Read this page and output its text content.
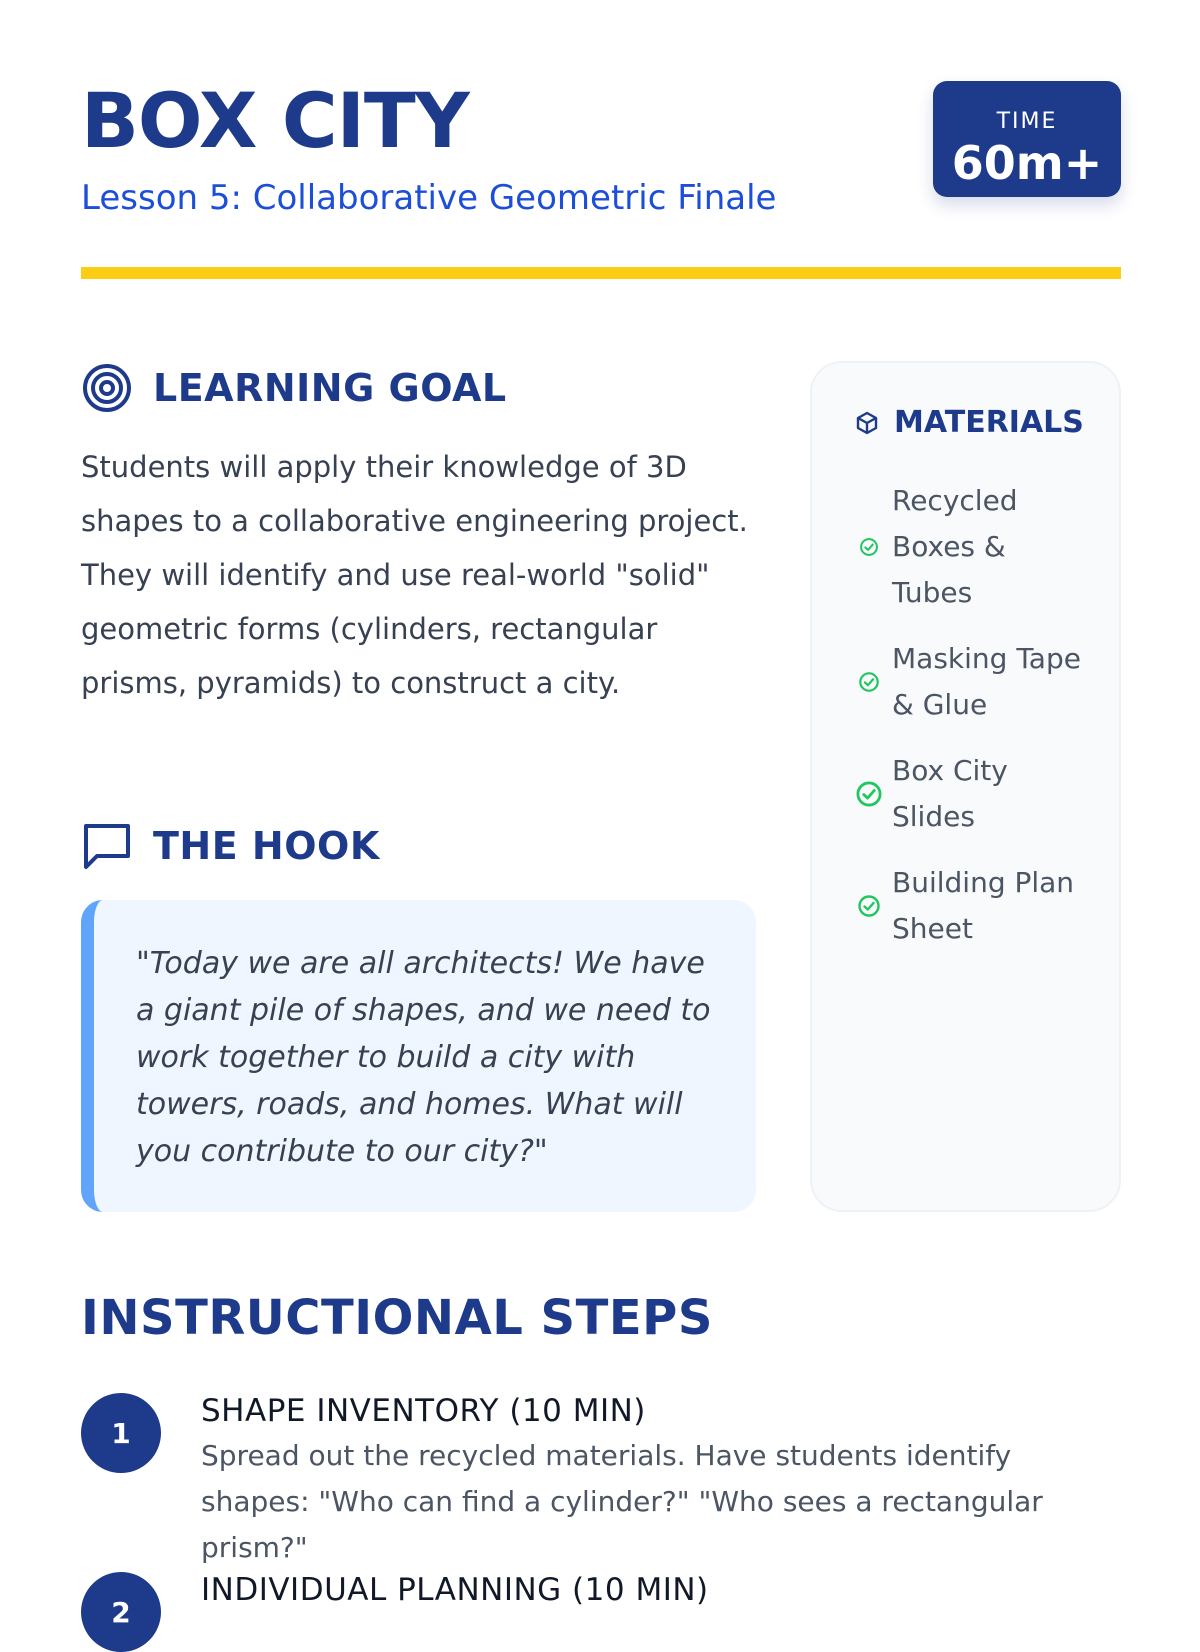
BOX CITY
Lesson 5: Collaborative Geometric Finale
TIME
60m+
LEARNING GOAL

Students will apply their knowledge of 3D shapes to a collaborative engineering project. They will identify and use real-world "solid" geometric forms (cylinders, rectangular prisms, pyramids) to construct a city.

THE HOOK

"Today we are all architects! We have a giant pile of shapes, and we need to work together to build a city with towers, roads, and homes. What will you contribute to our city?"

MATERIALS
Recycled Boxes & Tubes
Masking Tape & Glue
Box City Slides
Building Plan Sheet
INSTRUCTIONAL STEPS
1
SHAPE INVENTORY (10 MIN)

Spread out the recycled materials. Have students identify shapes: "Who can find a cylinder?" "Who sees a rectangular prism?"

2
INDIVIDUAL PLANNING (10 MIN)
